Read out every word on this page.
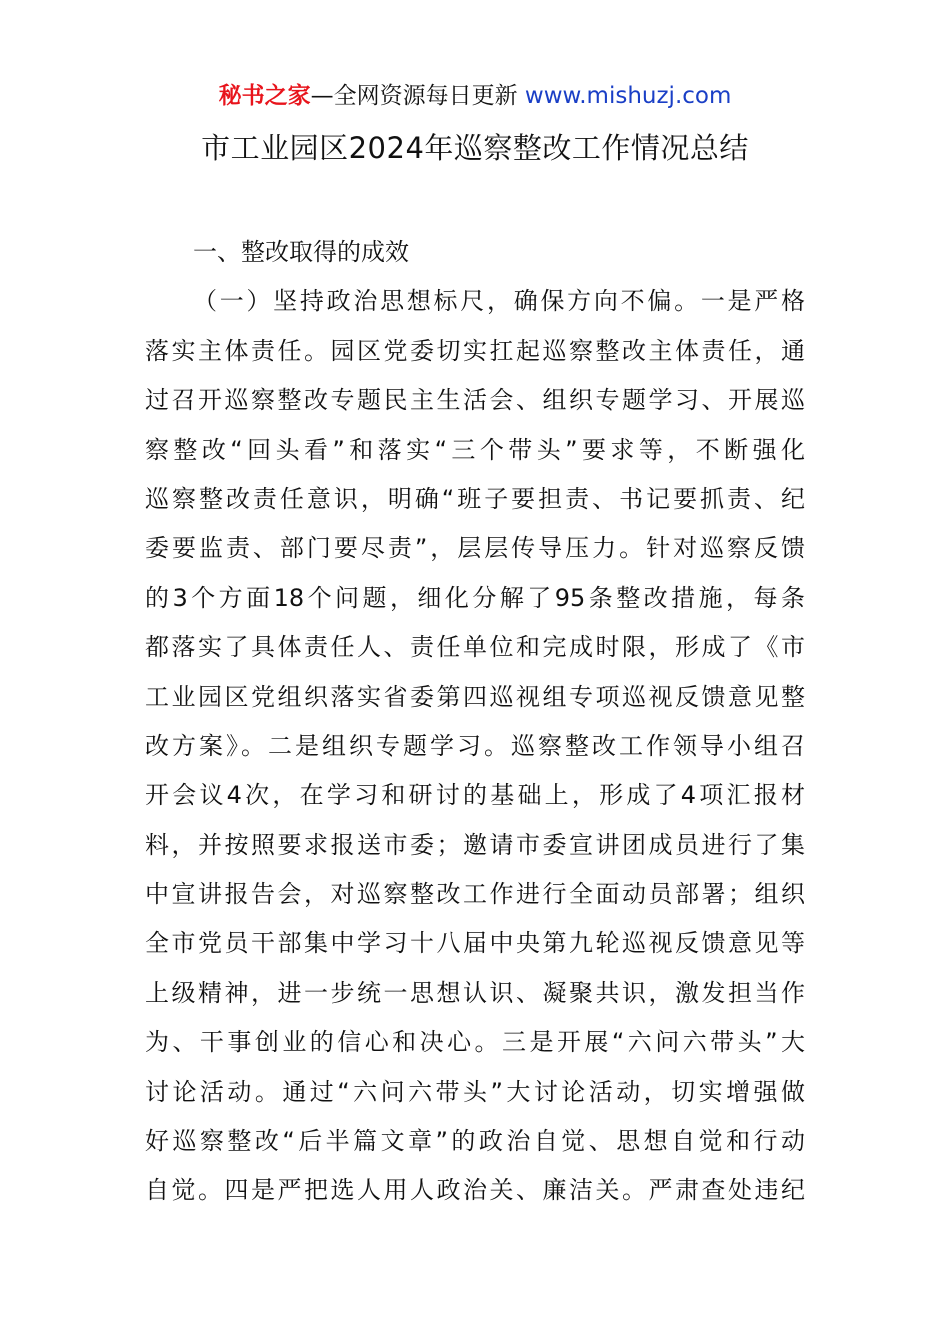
秘书之家—全网资源每日更新 www.mishuzj.com
市工业园区2024年巡察整改工作情况总结
一、整改取得的成效
（一）坚持政治思想标尺，确保方向不偏。一是严格
落实主体责任。园区党委切实扛起巡察整改主体责任，通
过召开巡察整改专题民主生活会、组织专题学习、开展巡
察整改“回头看”和落实“三个带头”要求等，不断强化
巡察整改责任意识，明确“班子要担责、书记要抓责、纪
委要监责、部门要尽责”，层层传导压力。针对巡察反馈
的3个方面18个问题，细化分解了95条整改措施，每条
都落实了具体责任人、责任单位和完成时限，形成了《市
工业园区党组织落实省委第四巡视组专项巡视反馈意见整
改方案》。二是组织专题学习。巡察整改工作领导小组召
开会议4次，在学习和研讨的基础上，形成了4项汇报材
料，并按照要求报送市委；邀请市委宣讲团成员进行了集
中宣讲报告会，对巡察整改工作进行全面动员部署；组织
全市党员干部集中学习十八届中央第九轮巡视反馈意见等
上级精神，进一步统一思想认识、凝聚共识，激发担当作
为、干事创业的信心和决心。三是开展“六问六带头”大
讨论活动。通过“六问六带头”大讨论活动，切实增强做
好巡察整改“后半篇文章”的政治自觉、思想自觉和行动
自觉。四是严把选人用人政治关、廉洁关。严肃查处违纪
